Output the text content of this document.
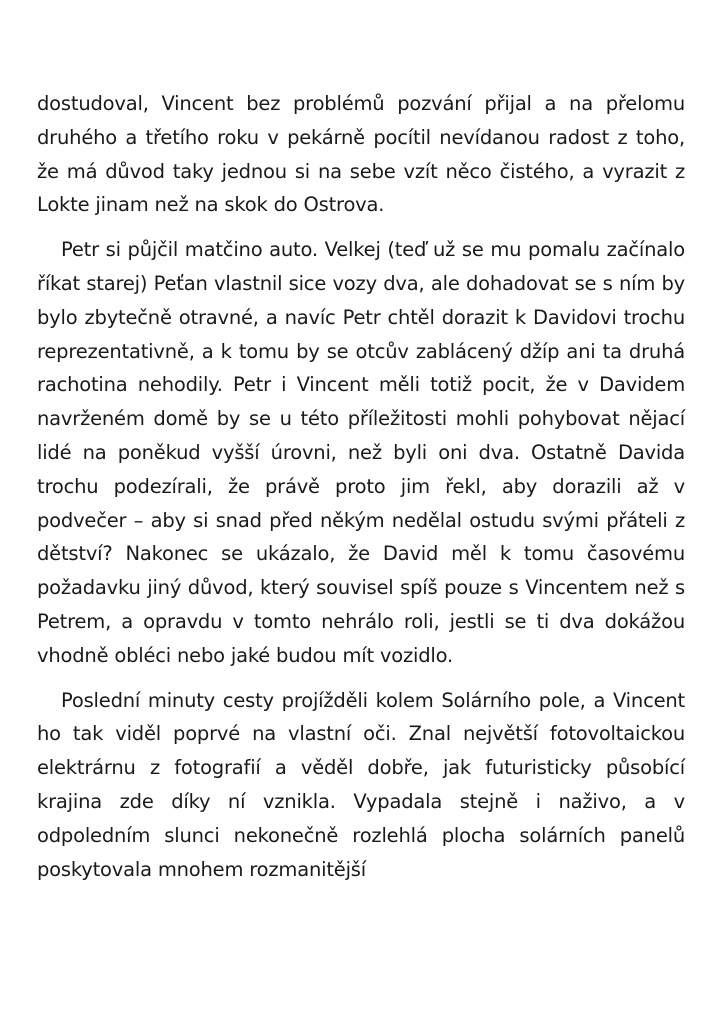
dostudoval, Vincent bez problémů pozvání přijal a na přelomu druhého a třetího roku v pekárně pocítil nevídanou radost z toho, že má důvod taky jednou si na sebe vzít něco čistého, a vyrazit z Lokte jinam než na skok do Ostrova.

Petr si půjčil matčino auto. Velkej (teď už se mu pomalu začínalo říkat starej) Peťan vlastnil sice vozy dva, ale dohadovat se s ním by bylo zbytečně otravné, a navíc Petr chtěl dorazit k Davidovi trochu reprezentativně, a k tomu by se otcův zablácený džíp ani ta druhá rachotina nehodily. Petr i Vincent měli totiž pocit, že v Davidem navrženém domě by se u této příležitosti mohli pohybovat nějací lidé na poněkud vyšší úrovni, než byli oni dva. Ostatně Davida trochu podezírali, že právě proto jim řekl, aby dorazili až v podvečer – aby si snad před někým nedělal ostudu svými přáteli z dětství? Nakonec se ukázalo, že David měl k tomu časovému požadavku jiný důvod, který souvisel spíš pouze s Vincentem než s Petrem, a opravdu v tomto nehrálo roli, jestli se ti dva dokážou vhodně obléci nebo jaké budou mít vozidlo.

Poslední minuty cesty projížděli kolem Solárního pole, a Vincent ho tak viděl poprvé na vlastní oči. Znal největší fotovoltaickou elektrárnu z fotografií a věděl dobře, jak futuristicky působící krajina zde díky ní vznikla. Vypadala stejně i naživo, a v odpoledním slunci nekonečně rozlehlá plocha solárních panelů poskytovala mnohem rozmanitější
